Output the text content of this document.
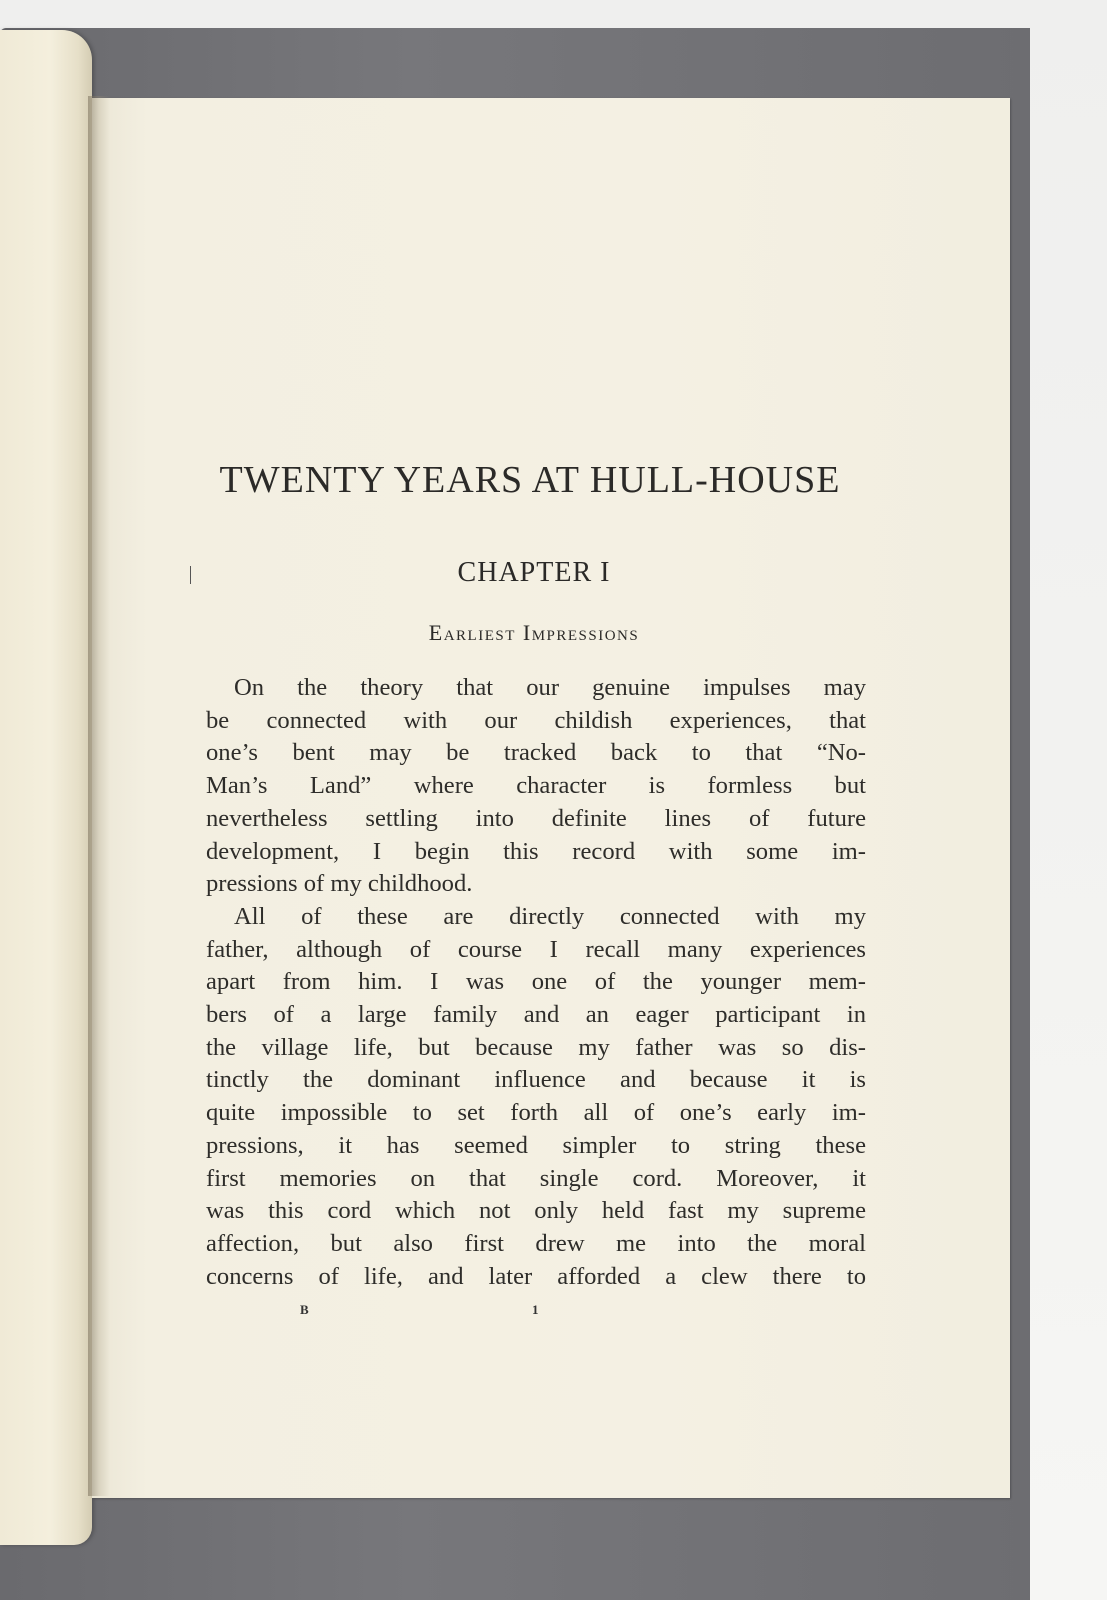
TWENTY YEARS AT HULL-HOUSE
CHAPTER I
Earliest Impressions
On the theory that our genuine impulses may
be connected with our childish experiences, that
one’s bent may be tracked back to that “No-
Man’s Land” where character is formless but
nevertheless settling into definite lines of future
development, I begin this record with some im-
pressions of my childhood.
All of these are directly connected with my
father, although of course I recall many experiences
apart from him. I was one of the younger mem-
bers of a large family and an eager participant in
the village life, but because my father was so dis-
tinctly the dominant influence and because it is
quite impossible to set forth all of one’s early im-
pressions, it has seemed simpler to string these
first memories on that single cord. Moreover, it
was this cord which not only held fast my supreme
affection, but also first drew me into the moral
concerns of life, and later afforded a clew there to
B	1
